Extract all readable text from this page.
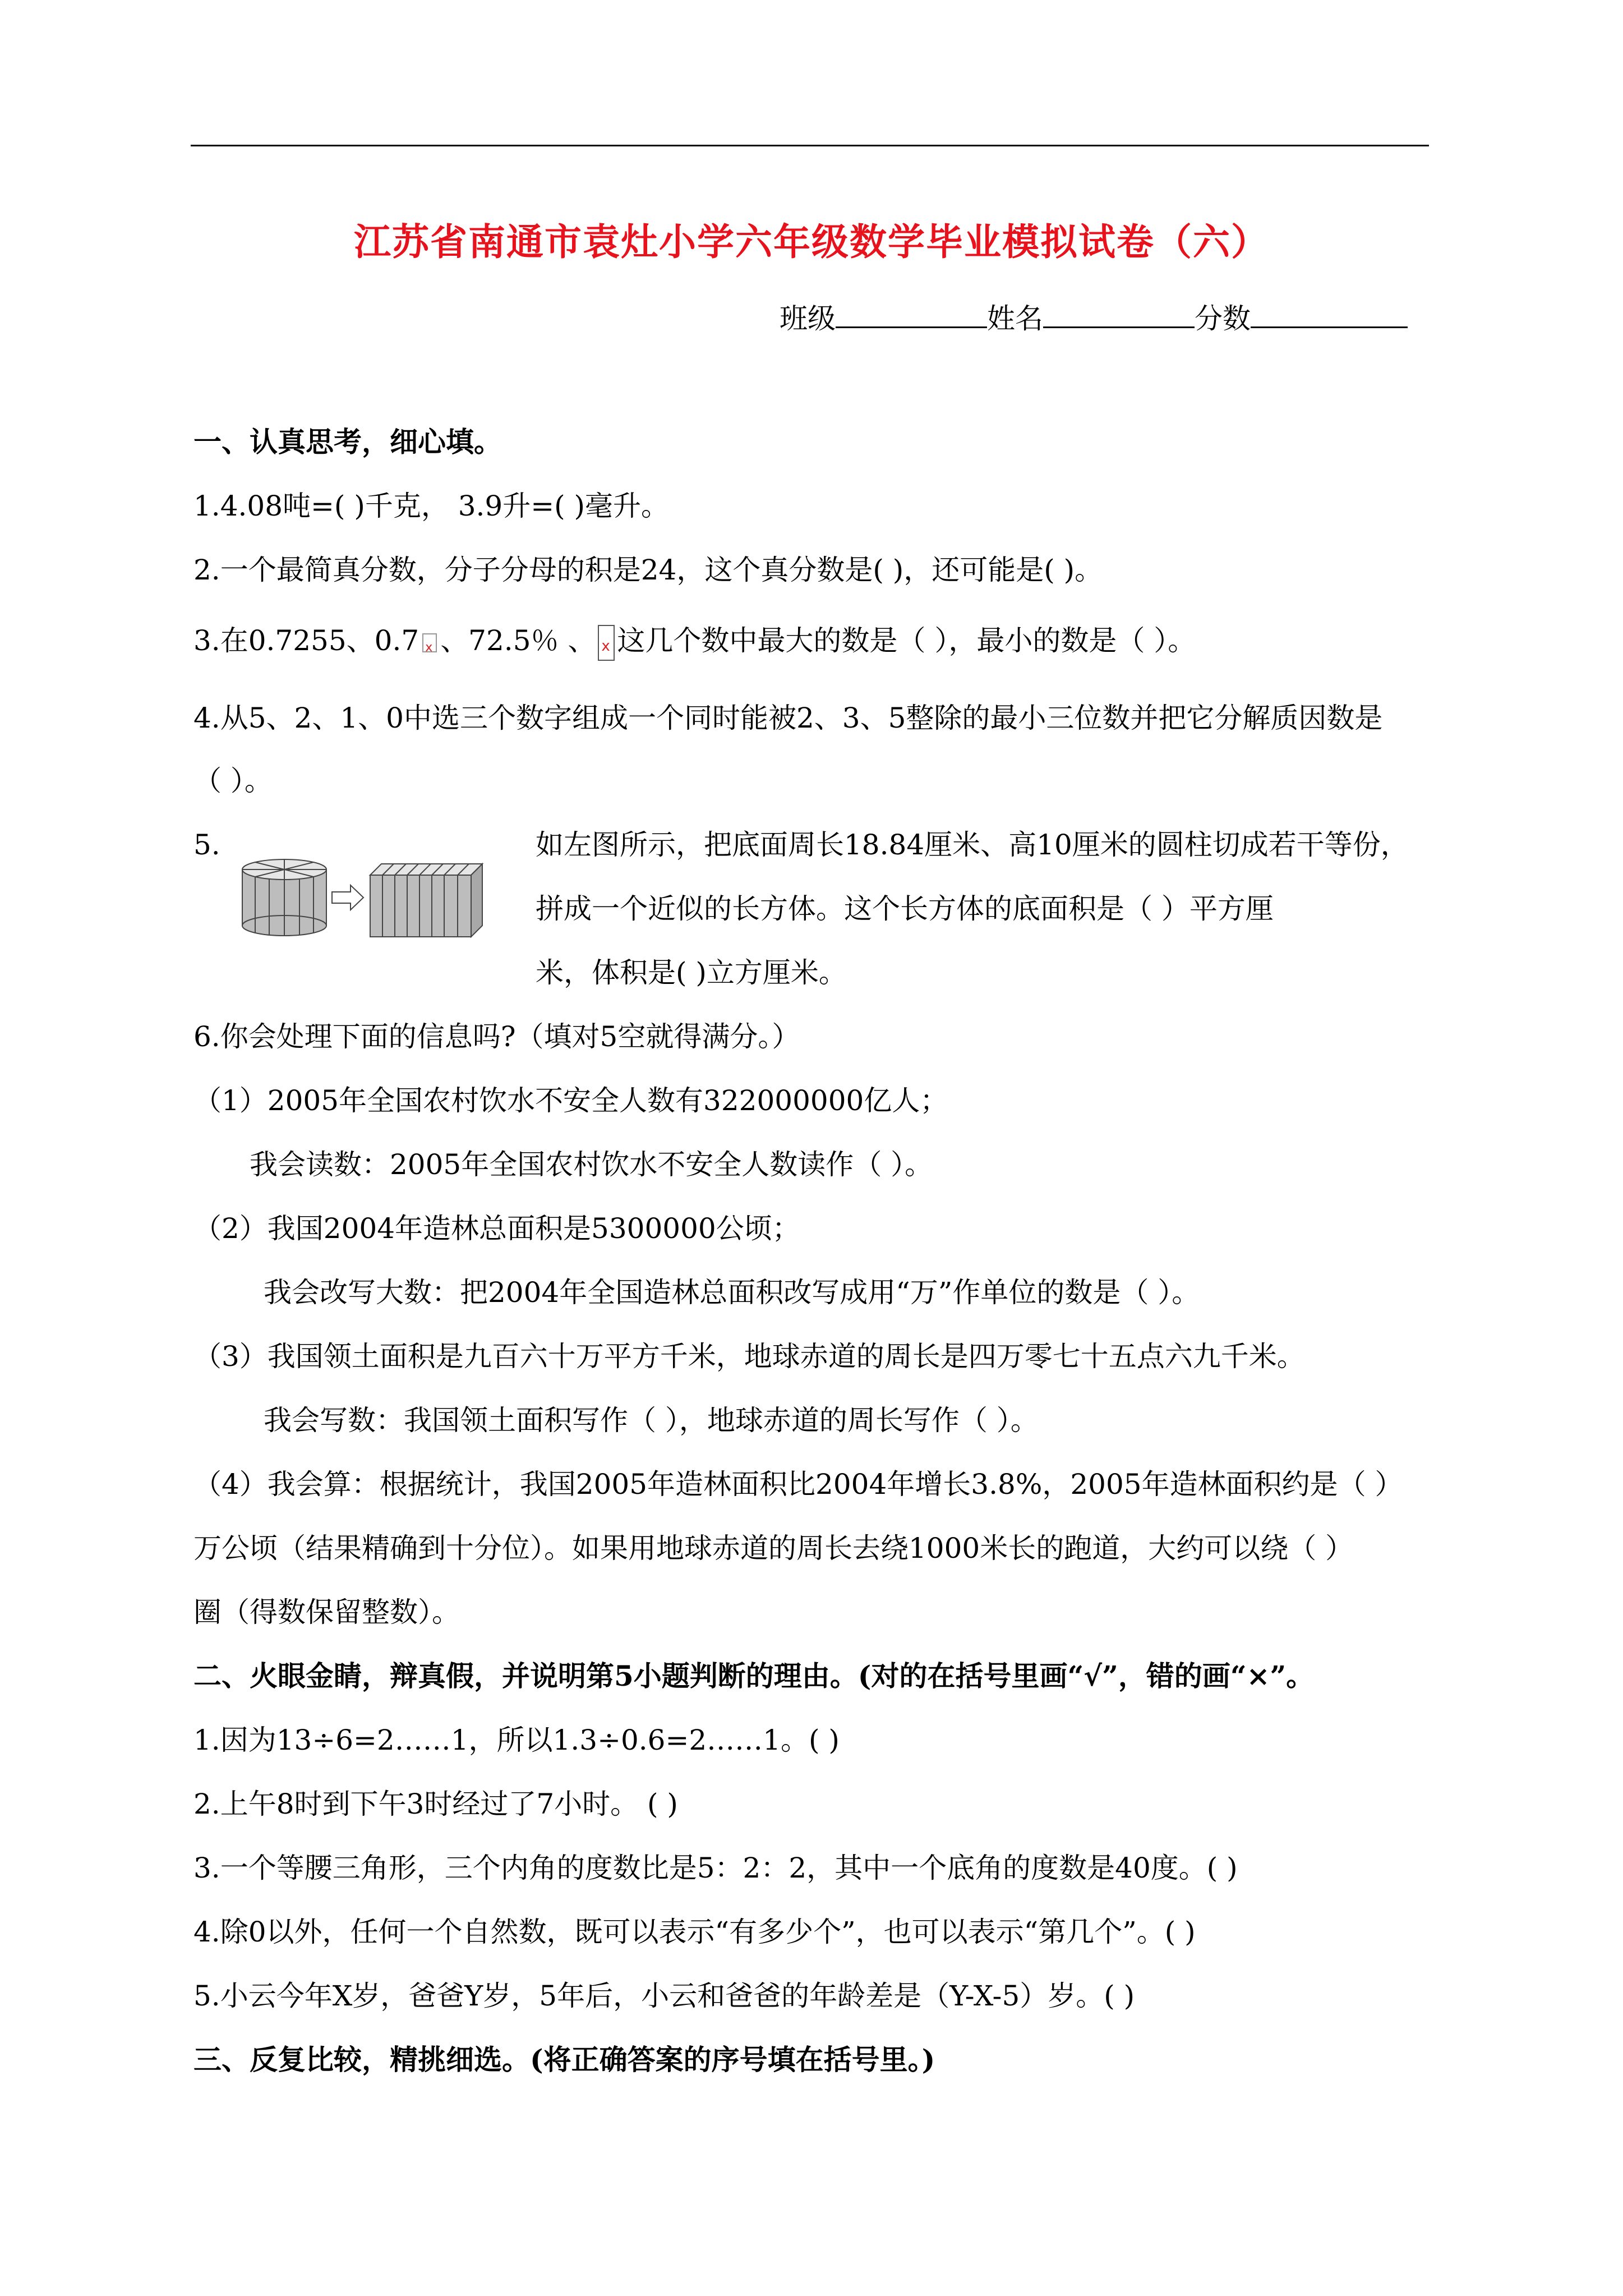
江苏省南通市袁灶小学六年级数学毕业模拟试卷（六）
班级	姓名	分数
一、认真思考，细心填。
1.4.08吨=( )千克， 3.9升=( )毫升。
2.一个最简真分数，分子分母的积是24，这个真分数是( )，还可能是( )。
3.在0.7255、0.7 x 、72.5％ 、 x 这几个数中最大的数是（ ），最小的数是（ ）。
4.从5、2、1、0中选三个数字组成一个同时能被2、3、5整除的最小三位数并把它分解质因数是
（ ）。
5.	如左图所示，把底面周长18.84厘米、高10厘米的圆柱切成若干等份，
拼成一个近似的长方体。这个长方体的底面积是（ ）平方厘
米，体积是( )立方厘米。
6.你会处理下面的信息吗?（填对5空就得满分。）
（1）2005年全国农村饮水不安全人数有322000000亿人；
我会读数：2005年全国农村饮水不安全人数读作（ ）。
（2）我国2004年造林总面积是5300000公顷；
我会改写大数：把2004年全国造林总面积改写成用“万”作单位的数是（ ）。
（3）我国领土面积是九百六十万平方千米，地球赤道的周长是四万零七十五点六九千米。
我会写数：我国领土面积写作（ ），地球赤道的周长写作（ ）。
（4）我会算：根据统计，我国2005年造林面积比2004年增长3.8%，2005年造林面积约是（ ）
万公顷（结果精确到十分位）。如果用地球赤道的周长去绕1000米长的跑道，大约可以绕（ ）
圈（得数保留整数）。
二、火眼金睛，辩真假，并说明第5小题判断的理由。(对的在括号里画“√”，错的画“×”。
1.因为13÷6=2……1，所以1.3÷0.6=2……1。( )
2.上午8时到下午3时经过了7小时。 ( )
3.一个等腰三角形，三个内角的度数比是5：2：2，其中一个底角的度数是40度。( )
4.除0以外，任何一个自然数，既可以表示“有多少个”，也可以表示“第几个”。( )
5.小云今年X岁，爸爸Y岁，5年后，小云和爸爸的年龄差是（Y-X-5）岁。( )
三、反复比较，精挑细选。(将正确答案的序号填在括号里。)
